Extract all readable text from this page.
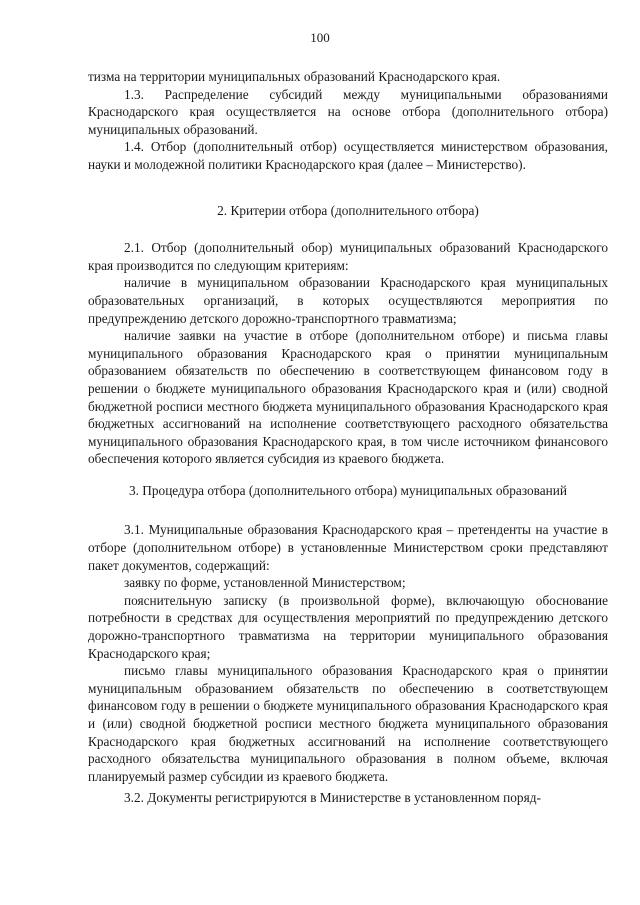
100

тизма на территории муниципальных образований Краснодарского края.

1.3. Распределение субсидий между муниципальными образованиями Краснодарского края осуществляется на основе отбора (дополнительного отбора) муниципальных образований.

1.4. Отбор (дополнительный отбор) осуществляется министерством образования, науки и молодежной политики Краснодарского края (далее – Министерство).

2. Критерии отбора (дополнительного отбора)

2.1. Отбор (дополнительный обор) муниципальных образований Краснодарского края производится по следующим критериям:

наличие в муниципальном образовании Краснодарского края муниципальных образовательных организаций, в которых осуществляются мероприятия по предупреждению детского дорожно-транспортного травматизма;

наличие заявки на участие в отборе (дополнительном отборе) и письма главы муниципального образования Краснодарского края о принятии муниципальным образованием обязательств по обеспечению в соответствующем финансовом году в решении о бюджете муниципального образования Краснодарского края и (или) сводной бюджетной росписи местного бюджета муниципального образования Краснодарского края бюджетных ассигнований на исполнение соответствующего расходного обязательства муниципального образования Краснодарского края, в том числе источником финансового обеспечения которого является субсидия из краевого бюджета.

3. Процедура отбора (дополнительного отбора) муниципальных образований

3.1. Муниципальные образования Краснодарского края – претенденты на участие в отборе (дополнительном отборе) в установленные Министерством сроки представляют пакет документов, содержащий:

заявку по форме, установленной Министерством;

пояснительную записку (в произвольной форме), включающую обоснование потребности в средствах для осуществления мероприятий по предупреждению детского дорожно-транспортного травматизма на территории муниципального образования Краснодарского края;

письмо главы муниципального образования Краснодарского края о принятии муниципальным образованием обязательств по обеспечению в соответствующем финансовом году в решении о бюджете муниципального образования Краснодарского края и (или) сводной бюджетной росписи местного бюджета муниципального образования Краснодарского края бюджетных ассигнований на исполнение соответствующего расходного обязательства муниципального образования в полном объеме, включая планируемый размер субсидии из краевого бюджета.

3.2. Документы регистрируются в Министерстве в установленном поряд-
